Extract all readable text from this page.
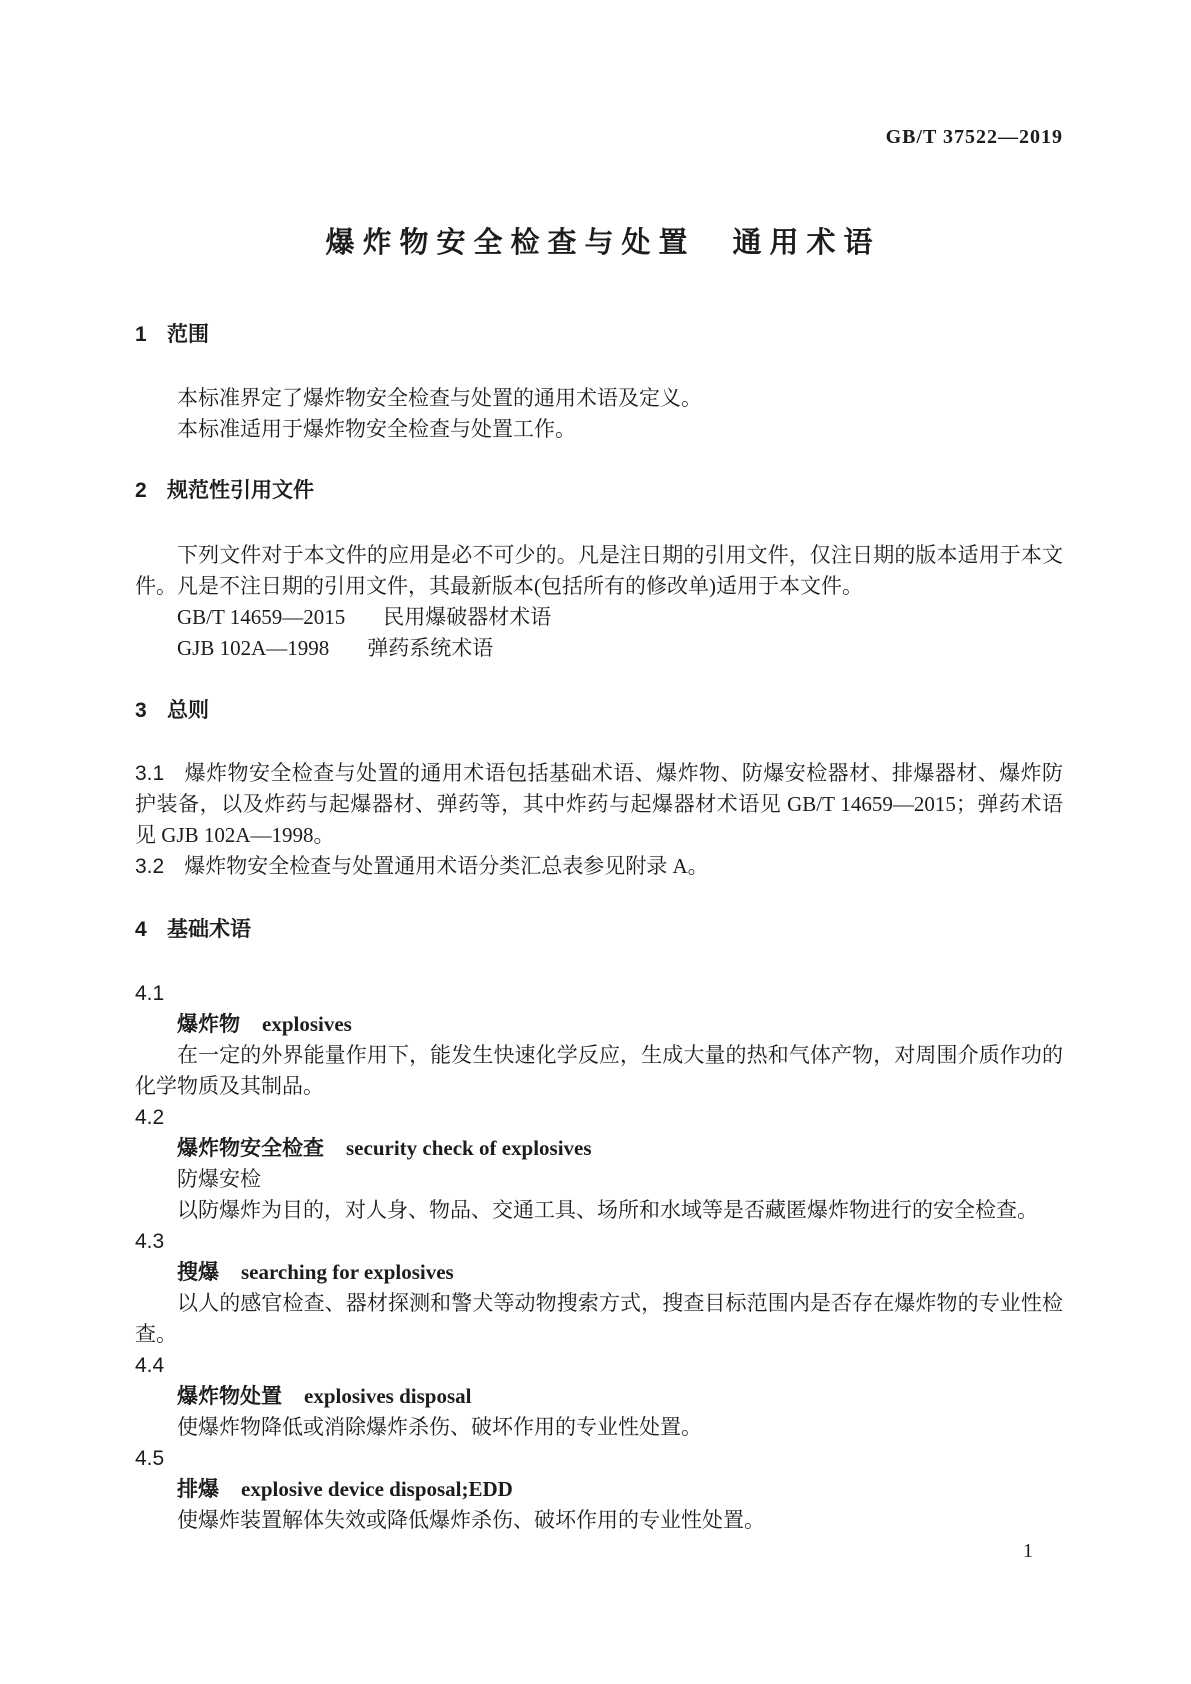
GB/T 37522—2019
爆炸物安全检查与处置　通用术语
1 范围

本标准界定了爆炸物安全检查与处置的通用术语及定义。

本标准适用于爆炸物安全检查与处置工作。

2 规范性引用文件

下列文件对于本文件的应用是必不可少的。凡是注日期的引用文件，仅注日期的版本适用于本文件。凡是不注日期的引用文件，其最新版本(包括所有的修改单)适用于本文件。

GB/T 14659—2015 民用爆破器材术语

GJB 102A—1998 弹药系统术语

3 总则

3.1 爆炸物安全检查与处置的通用术语包括基础术语、爆炸物、防爆安检器材、排爆器材、爆炸防护装备，以及炸药与起爆器材、弹药等，其中炸药与起爆器材术语见 GB/T 14659—2015；弹药术语见 GJB 102A—1998。

3.2 爆炸物安全检查与处置通用术语分类汇总表参见附录 A。

4 基础术语

4.1

爆炸物 explosives

在一定的外界能量作用下，能发生快速化学反应，生成大量的热和气体产物，对周围介质作功的化学物质及其制品。

4.2

爆炸物安全检查 security check of explosives

防爆安检

以防爆炸为目的，对人身、物品、交通工具、场所和水域等是否藏匿爆炸物进行的安全检查。

4.3

搜爆 searching for explosives

以人的感官检查、器材探测和警犬等动物搜索方式，搜查目标范围内是否存在爆炸物的专业性检查。

4.4

爆炸物处置 explosives disposal

使爆炸物降低或消除爆炸杀伤、破坏作用的专业性处置。

4.5

排爆 explosive device disposal;EDD

使爆炸装置解体失效或降低爆炸杀伤、破坏作用的专业性处置。

1
